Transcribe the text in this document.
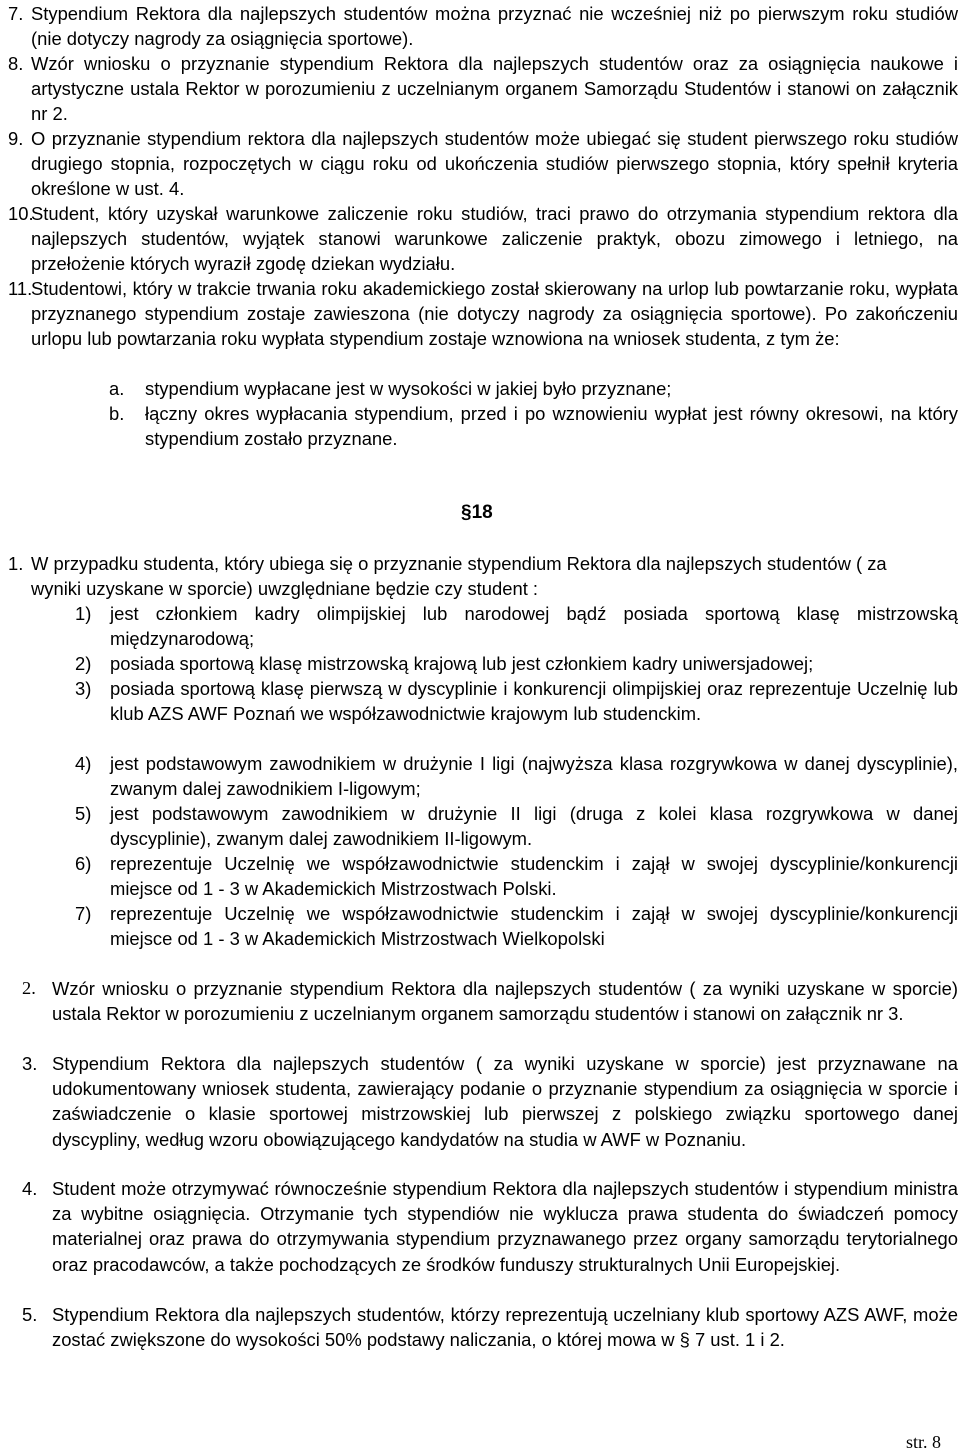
7. Stypendium Rektora dla najlepszych studentów można przyznać nie wcześniej niż po pierwszym roku studiów (nie dotyczy nagrody za osiągnięcia sportowe).
8. Wzór wniosku o przyznanie stypendium Rektora dla najlepszych studentów oraz za osiągnięcia naukowe i artystyczne ustala Rektor w porozumieniu z uczelnianym organem Samorządu Studentów i stanowi on załącznik nr 2.
9. O przyznanie stypendium rektora dla najlepszych studentów może ubiegać się student pierwszego roku studiów drugiego stopnia, rozpoczętych w ciągu roku od ukończenia studiów pierwszego stopnia, który spełnił kryteria określone w ust. 4.
10.
Student, który uzyskał warunkowe zaliczenie roku studiów, traci prawo do otrzymania stypendium rektora dla najlepszych studentów, wyjątek stanowi warunkowe zaliczenie praktyk, obozu zimowego i letniego, na przełożenie których wyraził zgodę dziekan wydziału.
11.
Studentowi, który w trakcie trwania roku akademickiego został skierowany na urlop lub powtarzanie roku, wypłata przyznanego stypendium zostaje zawieszona (nie dotyczy nagrody za osiągnięcia sportowe). Po zakończeniu urlopu lub powtarzania roku wypłata stypendium zostaje wznowiona na wniosek studenta, z tym że:
a. stypendium wypłacane jest w wysokości w jakiej było przyznane;
b. łączny okres wypłacania stypendium, przed i po wznowieniu wypłat jest równy okresowi, na który stypendium zostało przyznane.
§18
1. W przypadku studenta, który ubiega się o przyznanie stypendium Rektora dla najlepszych studentów ( za wyniki uzyskane w sporcie) uwzględniane będzie czy student :
1) jest członkiem kadry olimpijskiej lub narodowej bądź posiada sportową klasę mistrzowską międzynarodową;
2) posiada sportową klasę mistrzowską krajową lub jest członkiem kadry uniwersjadowej;
3) posiada sportową klasę pierwszą w dyscyplinie i konkurencji olimpijskiej oraz reprezentuje Uczelnię lub klub AZS AWF Poznań we współzawodnictwie krajowym lub studenckim.
4) jest podstawowym zawodnikiem w drużynie I ligi (najwyższa klasa rozgrywkowa w danej dyscyplinie), zwanym dalej zawodnikiem I-ligowym;
5) jest podstawowym zawodnikiem w drużynie II ligi (druga z kolei klasa rozgrywkowa w danej dyscyplinie), zwanym dalej zawodnikiem II-ligowym.
6) reprezentuje Uczelnię we współzawodnictwie studenckim i zajął w swojej dyscyplinie/konkurencji miejsce od 1 - 3 w Akademickich Mistrzostwach Polski.
7) reprezentuje Uczelnię we współzawodnictwie studenckim i zajął w swojej dyscyplinie/konkurencji miejsce od 1 - 3 w Akademickich Mistrzostwach Wielkopolski
2. Wzór wniosku o przyznanie stypendium Rektora dla najlepszych studentów ( za wyniki uzyskane w sporcie) ustala Rektor w porozumieniu z uczelnianym organem samorządu studentów i stanowi on załącznik nr 3.
3. Stypendium Rektora dla najlepszych studentów ( za wyniki uzyskane w sporcie) jest przyznawane na udokumentowany wniosek studenta, zawierający podanie o przyznanie stypendium za osiągnięcia w sporcie i zaświadczenie o klasie sportowej mistrzowskiej lub pierwszej z polskiego związku sportowego danej dyscypliny, według wzoru obowiązującego kandydatów na studia w AWF w Poznaniu.
4. Student może otrzymywać równocześnie stypendium Rektora dla najlepszych studentów i stypendium ministra za wybitne osiągnięcia. Otrzymanie tych stypendiów nie wyklucza prawa studenta do świadczeń pomocy materialnej oraz prawa do otrzymywania stypendium przyznawanego przez organy samorządu terytorialnego oraz pracodawców, a także pochodzących ze środków funduszy strukturalnych Unii Europejskiej.
5. Stypendium Rektora dla najlepszych studentów, którzy reprezentują uczelniany klub sportowy AZS AWF, może zostać zwiększone do wysokości 50% podstawy naliczania, o której mowa w § 7 ust. 1 i 2.
str. 8
